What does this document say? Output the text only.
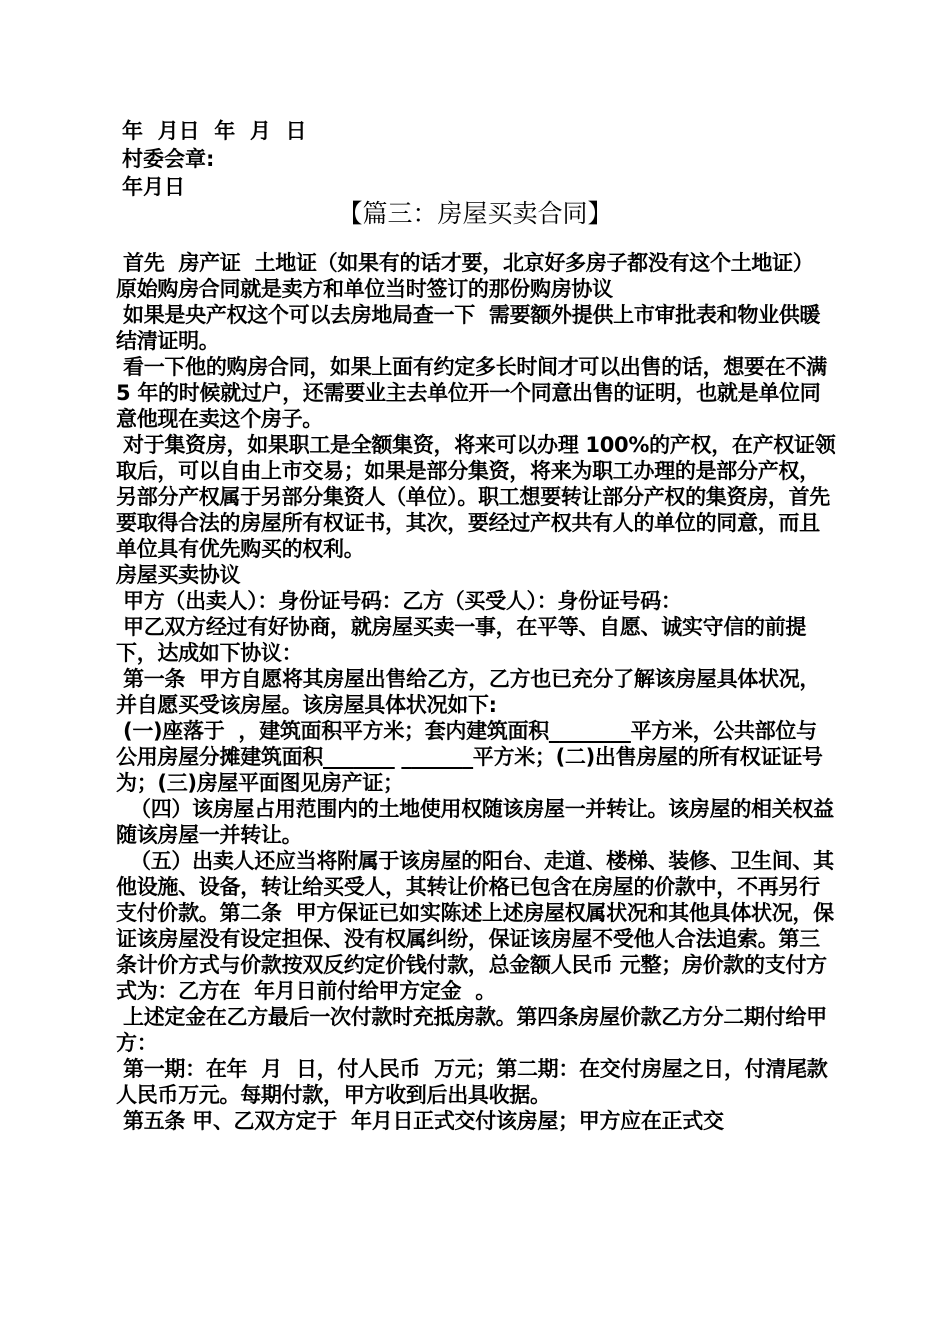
年  月日  年  月  日
村委会章:
年月日
【篇三：房屋买卖合同】

首先  房产证  土地证（如果有的话才要，北京好多房子都没有这个土地证）  原始购房合同就是卖方和单位当时签订的那份购房协议

如果是央产权这个可以去房地局查一下  需要额外提供上市审批表和物业供暖结清证明。

看一下他的购房合同，如果上面有约定多长时间才可以出售的话，想要在不满 5 年的时候就过户，还需要业主去单位开一个同意出售的证明，也就是单位同意他现在卖这个房子。

对于集资房，如果职工是全额集资，将来可以办理 100%的产权，在产权证领取后，可以自由上市交易；如果是部分集资，将来为职工办理的是部分产权，另部分产权属于另部分集资人（单位）。职工想要转让部分产权的集资房，首先要取得合法的房屋所有权证书，其次，要经过产权共有人的单位的同意，而且单位具有优先购买的权利。

房屋买卖协议

甲方（出卖人）：身份证号码：乙方（买受人）：身份证号码：

甲乙双方经过有好协商，就房屋买卖一事，在平等、自愿、诚实守信的前提下，达成如下协议：

第一条  甲方自愿将其房屋出售给乙方，乙方也已充分了解该房屋具体状况，并自愿买受该房屋。该房屋具体状况如下:

(一)座落于  ，建筑面积平方米；套内建筑面积________平方米，公共部位与公用房屋分摊建筑面积_______ _______平方米；(二)出售房屋的所有权证证号为；(三)房屋平面图见房产证；

（四）该房屋占用范围内的土地使用权随该房屋一并转让。该房屋的相关权益随该房屋一并转让。

（五）出卖人还应当将附属于该房屋的阳台、走道、楼梯、装修、卫生间、其他设施、设备，转让给买受人，其转让价格已包含在房屋的价款中，不再另行支付价款。第二条  甲方保证已如实陈述上述房屋权属状况和其他具体状况，保证该房屋没有设定担保、没有权属纠纷，保证该房屋不受他人合法追索。第三条计价方式与价款按双反约定价钱付款，总金额人民币 元整；房价款的支付方式为：乙方在  年月日前付给甲方定金  。

上述定金在乙方最后一次付款时充抵房款。第四条房屋价款乙方分二期付给甲方：

第一期：在年  月  日，付人民币  万元；第二期：在交付房屋之日，付清尾款人民币万元。每期付款，甲方收到后出具收据。

第五条 甲、乙双方定于  年月日正式交付该房屋；甲方应在正式交
